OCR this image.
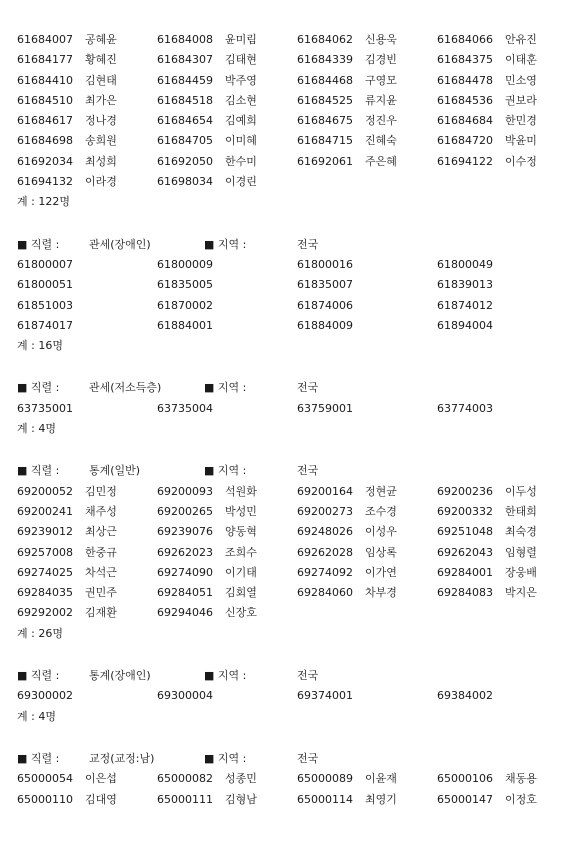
61684007 공혜윤	61684008 윤미림	61684062 신용욱	61684066 안유진
61684177 황혜진	61684307 김태현	61684339 김경빈	61684375 이태훈
61684410 김현태	61684459 박주영	61684468 구영모	61684478 민소영
61684510 최가은	61684518 김소현	61684525 류지윤	61684536 권보라
61684617 정나경	61684654 김예희	61684675 정진우	61684684 한민경
61684698 송희원	61684705 이미혜	61684715 진혜숙	61684720 박윤미
61692034 최성희	61692050 한수미	61692061 주은혜	61694122 이수정
61694132 이라경	61698034 이경린
계 : 122명
■ 직렬 :	관세(장애인)	■ 지역 :	전국
61800007	61800009	61800016	61800049
61800051	61835005	61835007	61839013
61851003	61870002	61874006	61874012
61874017	61884001	61884009	61894004
계 : 16명
■ 직렬 :	관세(저소득층)	■ 지역 :	전국
63735001	63735004	63759001	63774003
계 : 4명
■ 직렬 :	통계(일반)	■ 지역 :	전국
69200052 김민정	69200093 석원화	69200164 정현균	69200236 이두성
69200241 채주성	69200265 박성민	69200273 조수경	69200332 한태희
69239012 최상근	69239076 양동혁	69248026 이성우	69251048 최숙경
69257008 한중규	69262023 조희수	69262028 임상록	69262043 임형렬
69274025 차석근	69274090 이기태	69274092 이가연	69284001 장웅배
69284035 권민주	69284051 김회열	69284060 차부경	69284083 박지은
69292002 김재환	69294046 신장호
계 : 26명
■ 직렬 :	통계(장애인)	■ 지역 :	전국
69300002	69300004	69374001	69384002
계 : 4명
■ 직렬 :	교정(교정:남)	■ 지역 :	전국
65000054 이은섭	65000082 성종민	65000089 이윤재	65000106 채동용
65000110 김대영	65000111 김형남	65000114 최영기	65000147 이정호
